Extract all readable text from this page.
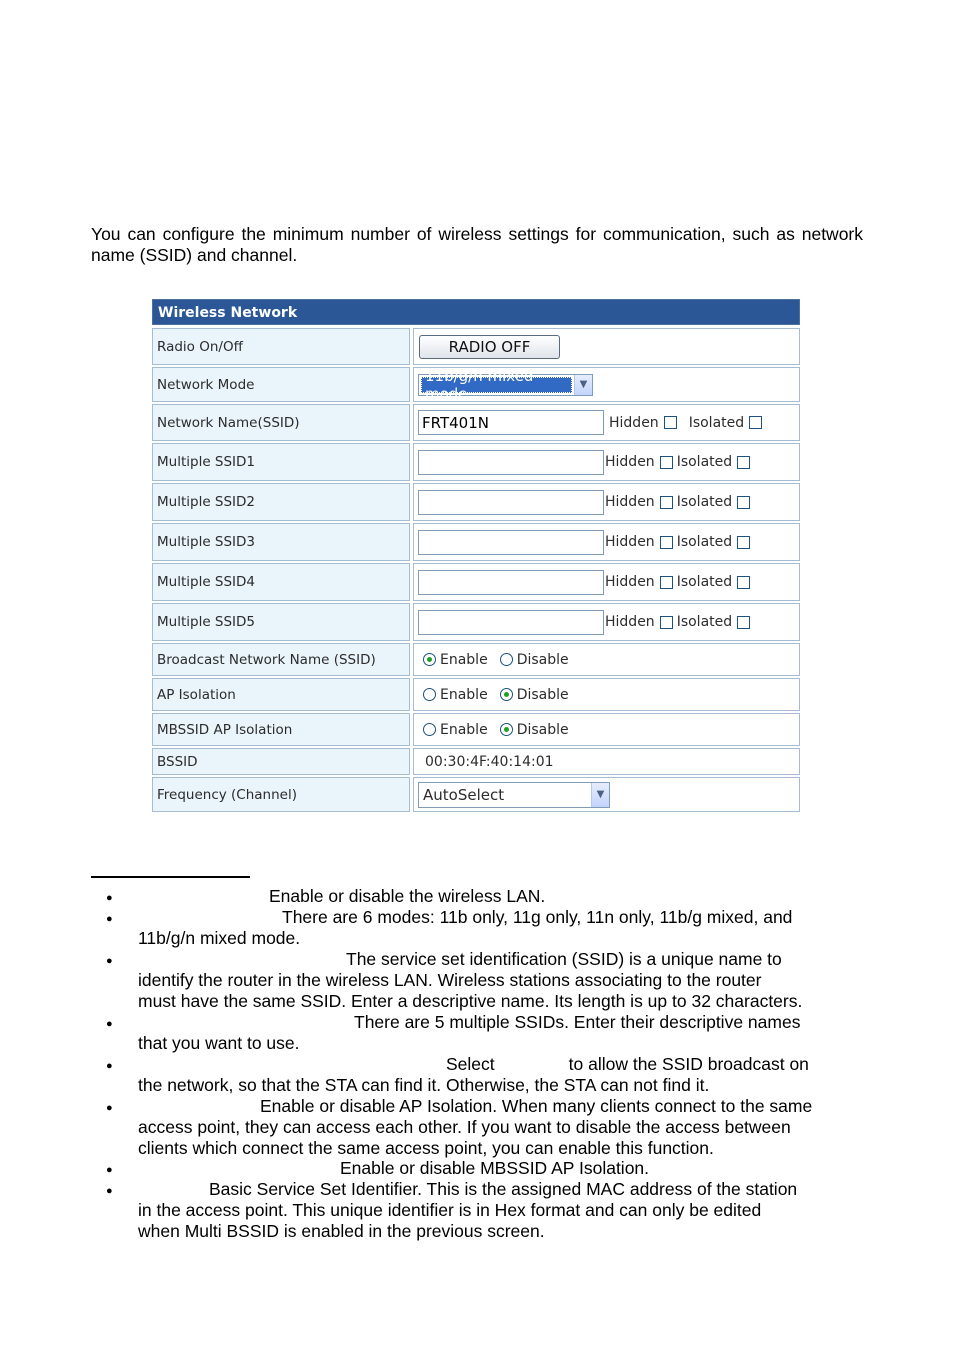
You can configure the minimum number of wireless settings for communication, such as network name (SSID) and channel.

Wireless Network
Radio On/Off	RADIO OFF
Network Mode	11b/g/n mixed mode	▼
Network Name(SSID)	FRT401N	Hidden Isolated
Multiple SSID1	Hidden Isolated
Multiple SSID2	Hidden Isolated
Multiple SSID3	Hidden Isolated
Multiple SSID4	Hidden Isolated
Multiple SSID5	Hidden Isolated
Broadcast Network Name (SSID)	Enable Disable
AP Isolation	Enable Disable
MBSSID AP Isolation	Enable Disable
BSSID	00:30:4F:40:14:01
Frequency (Channel)	AutoSelect	▼
●	Enable or disable the wireless LAN.
●	There are 6 modes: 11b only, 11g only, 11n only, 11b/g mixed, and
11b/g/n mixed mode.
●	The service set identification (SSID) is a unique name to
identify the router in the wireless LAN. Wireless stations associating to the router
must have the same SSID. Enter a descriptive name. Its length is up to 32 characters.
●	There are 5 multiple SSIDs. Enter their descriptive names
that you want to use.
●	Select	to allow the SSID broadcast on
the network, so that the STA can find it. Otherwise, the STA can not find it.
●	Enable or disable AP Isolation. When many clients connect to the same
access point, they can access each other. If you want to disable the access between
clients which connect the same access point, you can enable this function.
●	Enable or disable MBSSID AP Isolation.
●	Basic Service Set Identifier. This is the assigned MAC address of the station
in the access point. This unique identifier is in Hex format and can only be edited
when Multi BSSID is enabled in the previous screen.
